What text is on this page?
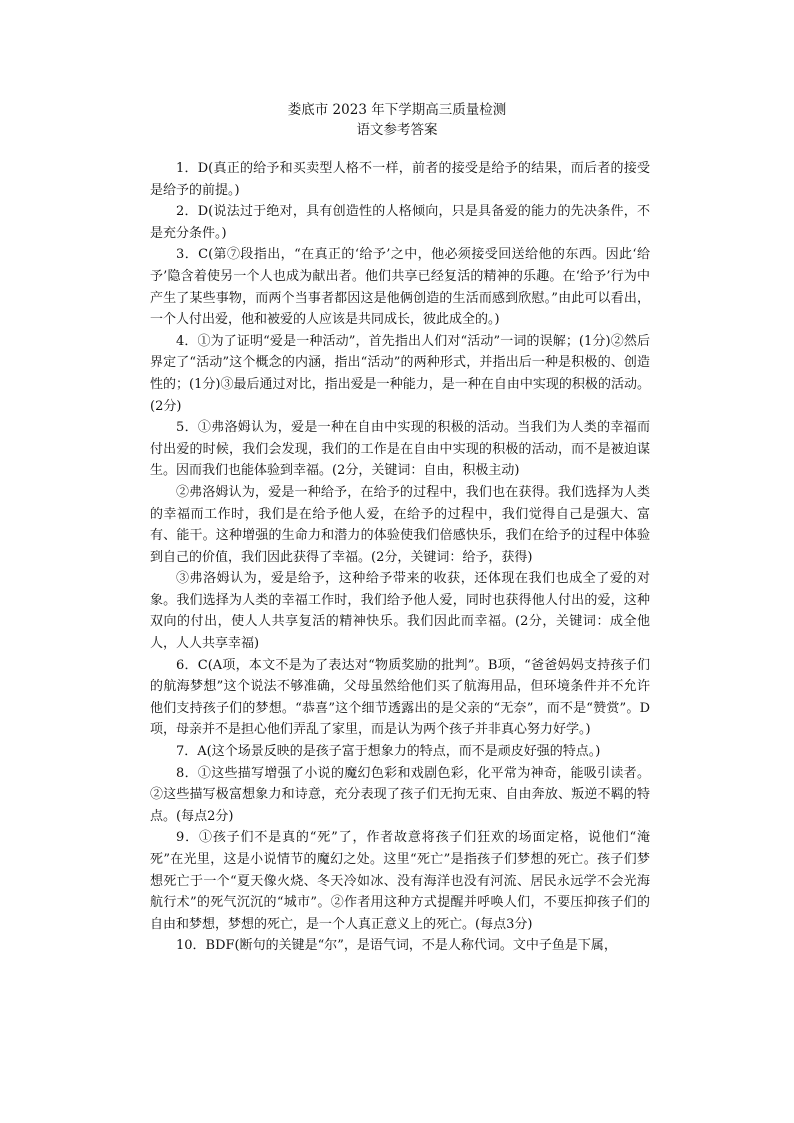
娄底市 2023 年下学期高三质量检测

语文参考答案

1．D(真正的给予和买卖型人格不一样，前者的接受是给予的结果，而后者的接受是给予的前提。)

2．D(说法过于绝对，具有创造性的人格倾向，只是具备爱的能力的先决条件，不是充分条件。)

3．C(第⑦段指出，“在真正的‘给予’之中，他必须接受回送给他的东西。因此‘给予’隐含着使另一个人也成为献出者。他们共享已经复活的精神的乐趣。在‘给予’行为中产生了某些事物，而两个当事者都因这是他俩创造的生活而感到欣慰。”由此可以看出，一个人付出爱，他和被爱的人应该是共同成长，彼此成全的。)

4．①为了证明“爱是一种活动”，首先指出人们对“活动”一词的误解；(1分)②然后界定了“活动”这个概念的内涵，指出“活动”的两种形式，并指出后一种是积极的、创造性的；(1分)③最后通过对比，指出爱是一种能力，是一种在自由中实现的积极的活动。(2分)

5．①弗洛姆认为，爱是一种在自由中实现的积极的活动。当我们为人类的幸福而付出爱的时候，我们会发现，我们的工作是在自由中实现的积极的活动，而不是被迫谋生。因而我们也能体验到幸福。(2分，关键词：自由，积极主动)

②弗洛姆认为，爱是一种给予，在给予的过程中，我们也在获得。我们选择为人类的幸福而工作时，我们是在给予他人爱，在给予的过程中，我们觉得自己是强大、富有、能干。这种增强的生命力和潜力的体验使我们倍感快乐，我们在给予的过程中体验到自己的价值，我们因此获得了幸福。(2分，关键词：给予，获得)

③弗洛姆认为，爱是给予，这种给予带来的收获，还体现在我们也成全了爱的对象。我们选择为人类的幸福工作时，我们给予他人爱，同时也获得他人付出的爱，这种双向的付出，使人人共享复活的精神快乐。我们因此而幸福。(2分，关键词：成全他人，人人共享幸福)

6．C(A项，本文不是为了表达对“物质奖励的批判”。B项，“爸爸妈妈支持孩子们的航海梦想”这个说法不够准确，父母虽然给他们买了航海用品，但环境条件并不允许他们支持孩子们的梦想。“恭喜”这个细节透露出的是父亲的“无奈”，而不是“赞赏”。D项，母亲并不是担心他们弄乱了家里，而是认为两个孩子并非真心努力好学。)

7．A(这个场景反映的是孩子富于想象力的特点，而不是顽皮好强的特点。)

8．①这些描写增强了小说的魔幻色彩和戏剧色彩，化平常为神奇，能吸引读者。②这些描写极富想象力和诗意，充分表现了孩子们无拘无束、自由奔放、叛逆不羁的特点。(每点2分)

9．①孩子们不是真的“死”了，作者故意将孩子们狂欢的场面定格，说他们“淹死”在光里，这是小说情节的魔幻之处。这里“死亡”是指孩子们梦想的死亡。孩子们梦想死亡于一个“夏天像火烧、冬天冷如冰、没有海洋也没有河流、居民永远学不会光海航行术”的死气沉沉的“城市”。②作者用这种方式提醒并呼唤人们，不要压抑孩子们的自由和梦想，梦想的死亡，是一个人真正意义上的死亡。(每点3分)

10．BDF(断句的关键是“尔”，是语气词，不是人称代词。文中子鱼是下属，
